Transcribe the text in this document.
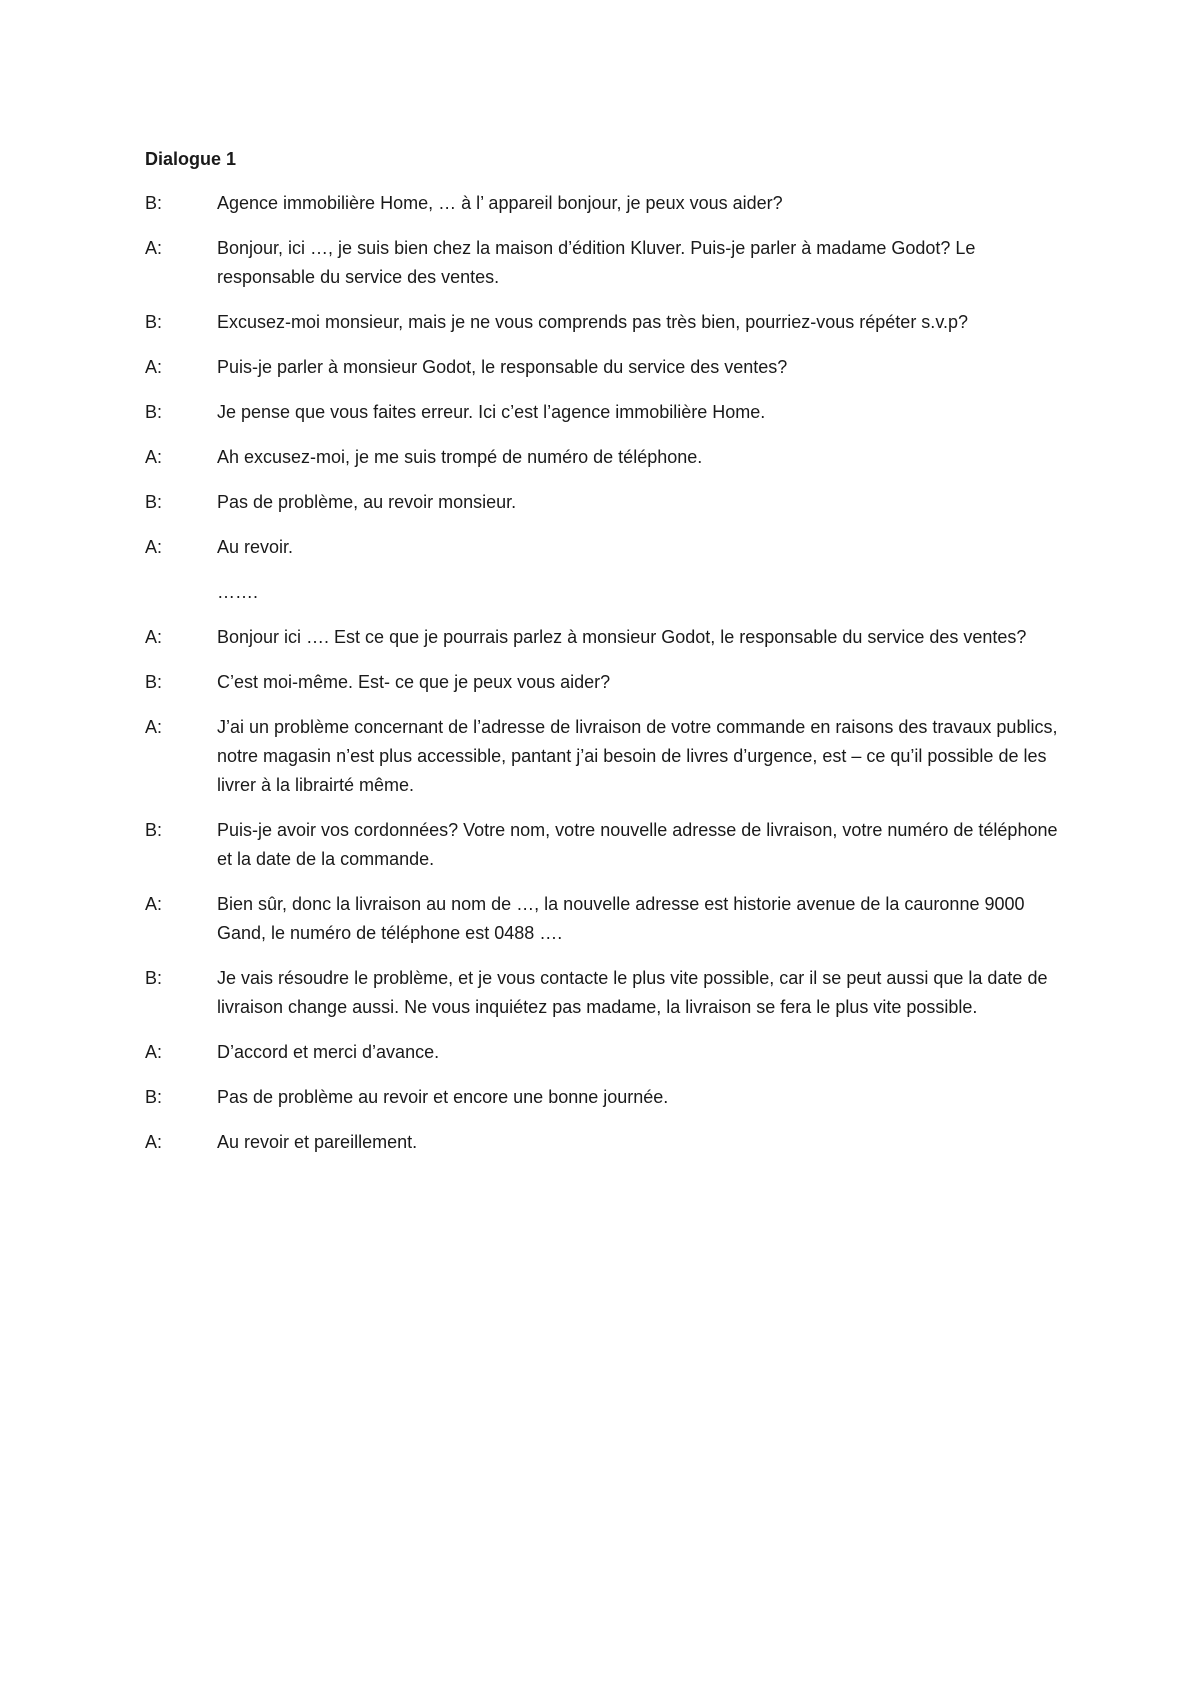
Dialogue 1
B:	Agence immobilière Home, … à l’ appareil bonjour, je peux vous aider?
A:	Bonjour, ici …, je suis bien chez la maison d’édition Kluver. Puis-je parler à madame Godot? Le responsable du service des ventes.
B:	Excusez-moi monsieur, mais je ne vous comprends pas très bien, pourriez-vous répéter s.v.p?
A:	Puis-je parler à monsieur Godot, le responsable du service des ventes?
B:	Je pense que vous faites erreur. Ici c’est l’agence immobilière Home.
A:	Ah excusez-moi, je me suis trompé de numéro de téléphone.
B:	Pas de problème, au revoir monsieur.
A:	Au revoir.
…….
A:	Bonjour ici …. Est ce que je pourrais parlez à monsieur Godot, le responsable du service des ventes?
B:	C’est moi-même. Est- ce que je peux vous aider?
A:	J’ai un problème concernant de l’adresse de livraison de votre commande en raisons des travaux publics, notre magasin n’est plus accessible, pantant j’ai besoin de livres d’urgence, est – ce qu’il possible de les livrer à la librairté même.
B:	Puis-je avoir vos cordonnées? Votre nom, votre nouvelle adresse de livraison, votre numéro de téléphone et la date de la commande.
A:	Bien sûr, donc la livraison au nom de …, la nouvelle adresse est historie avenue de la cauronne 9000 Gand, le numéro de téléphone est 0488 ….
B:	Je vais résoudre le problème, et je vous contacte le plus vite possible, car il se peut aussi que la date de livraison change aussi. Ne vous inquiétez pas madame, la livraison se fera le plus vite possible.
A:	D’accord et merci d’avance.
B:	Pas de problème au revoir et encore une bonne journée.
A:	Au revoir et pareillement.
